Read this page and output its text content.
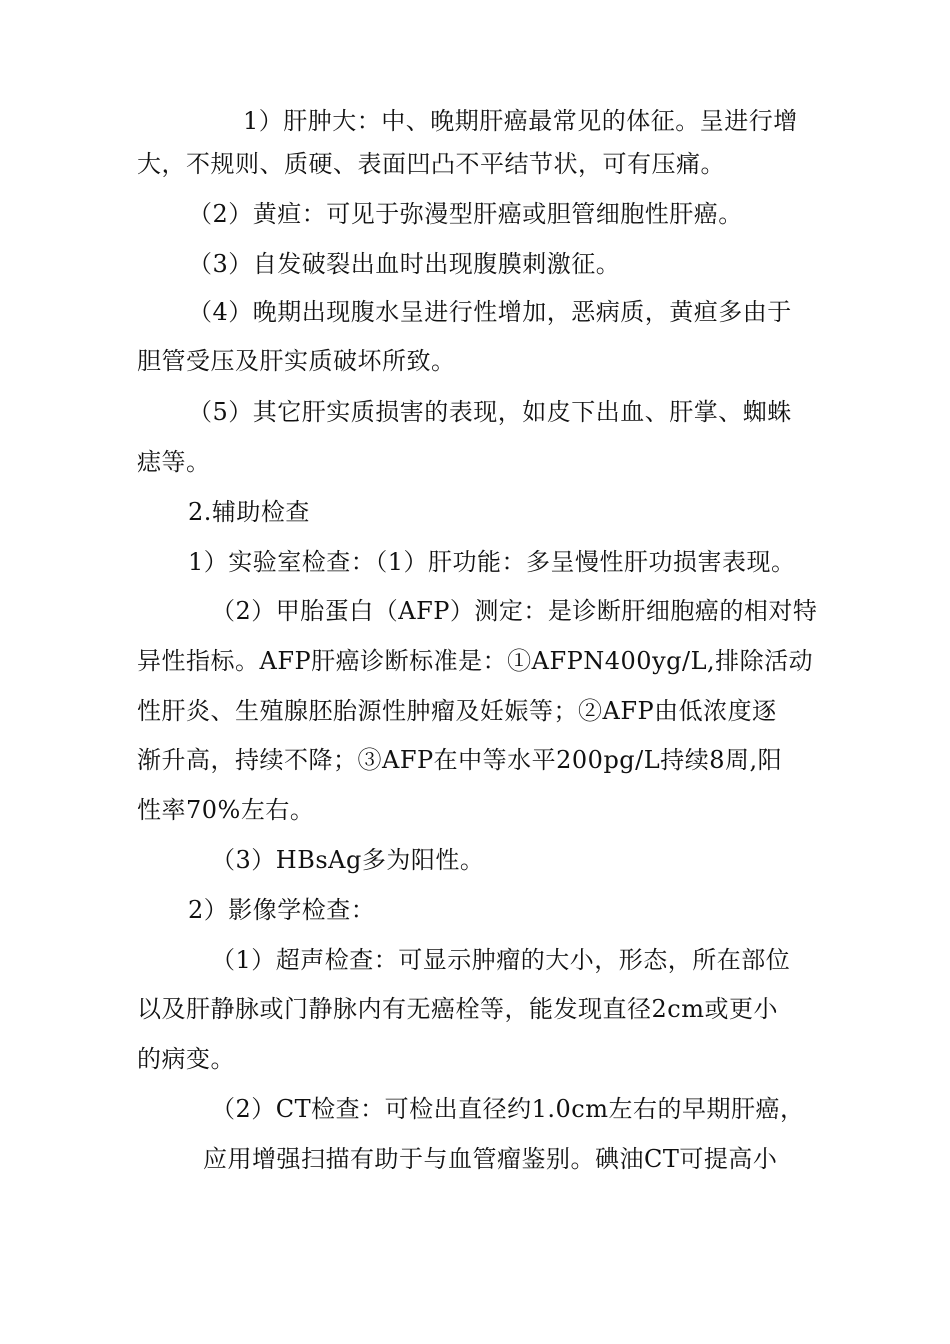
1）肝肿大：中、晚期肝癌最常见的体征。呈进行增

大，不规则、质硬、表面凹凸不平结节状，可有压痛。

（2）黄疸：可见于弥漫型肝癌或胆管细胞性肝癌。

（3）自发破裂出血时出现腹膜刺激征。

（4）晚期出现腹水呈进行性增加，恶病质，黄疸多由于

胆管受压及肝实质破坏所致。

（5）其它肝实质损害的表现，如皮下出血、肝掌、蜘蛛

痣等。

2.辅助检查

1）实验室检查：（1）肝功能：多呈慢性肝功损害表现。

（2）甲胎蛋白（AFP）测定：是诊断肝细胞癌的相对特

异性指标。AFP肝癌诊断标准是：①AFPN400yg/L,排除活动

性肝炎、生殖腺胚胎源性肿瘤及妊娠等；②AFP由低浓度逐

渐升高，持续不降；③AFP在中等水平200pg/L持续8周,阳

性率70%左右。

（3）HBsAg多为阳性。

2）影像学检查：

（1）超声检查：可显示肿瘤的大小，形态，所在部位

以及肝静脉或门静脉内有无癌栓等，能发现直径2cm或更小

的病变。

（2）CT检查：可检出直径约1.0cm左右的早期肝癌，

应用增强扫描有助于与血管瘤鉴别。碘油CT可提高小
